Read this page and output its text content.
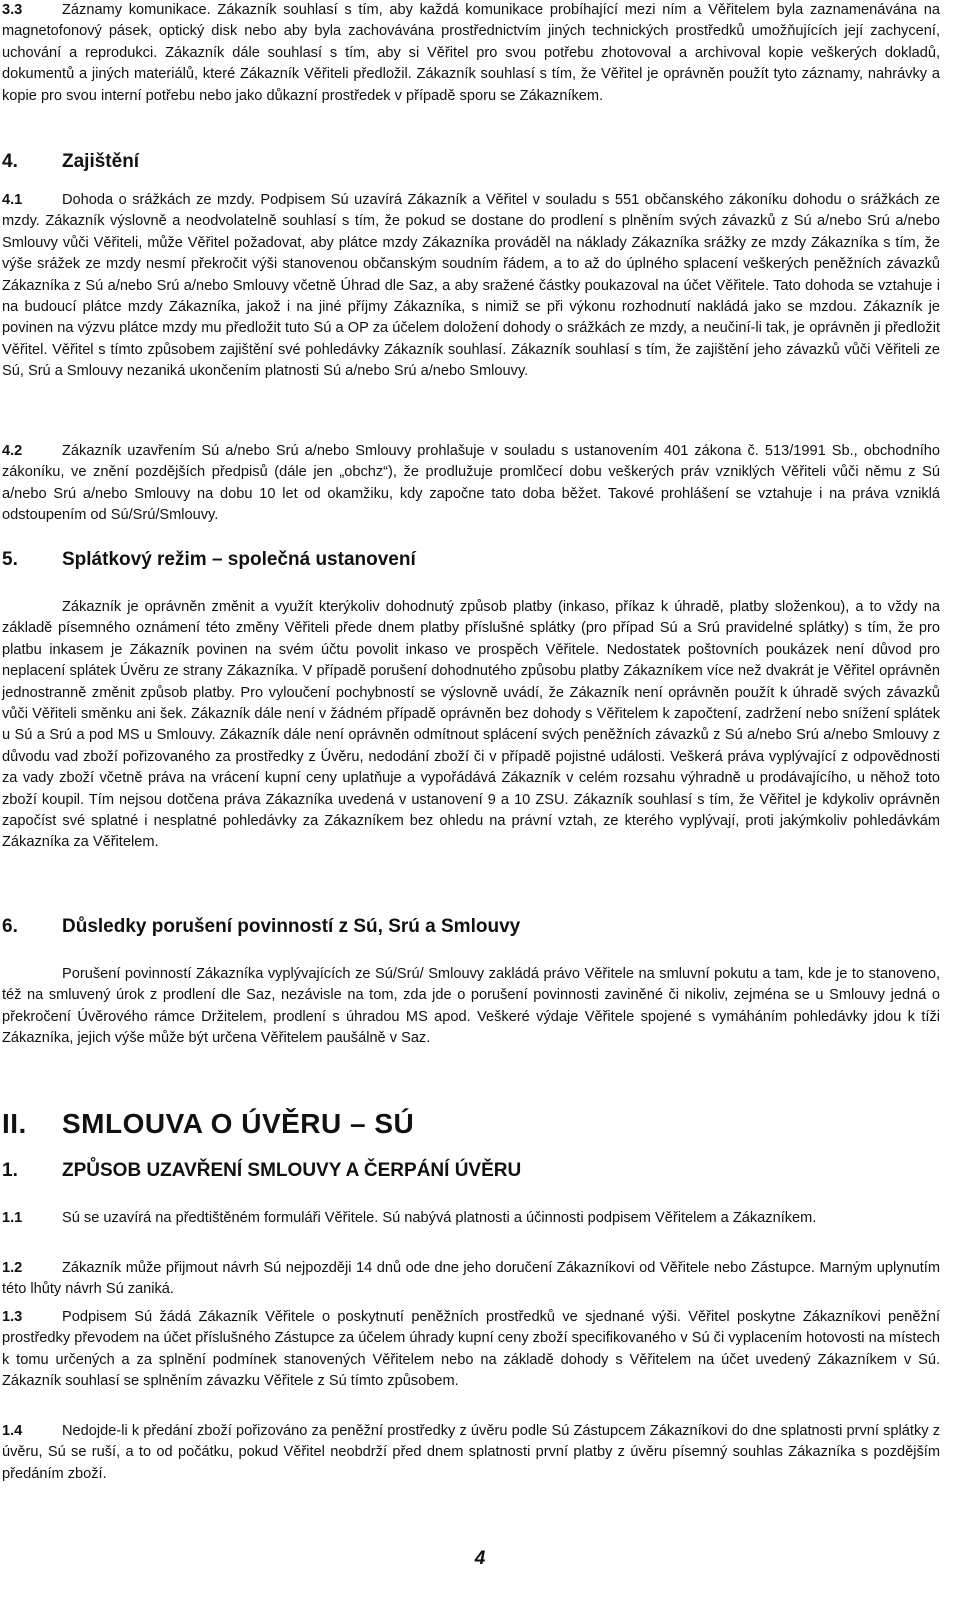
3.3	Záznamy komunikace. Zákazník souhlasí s tím, aby každá komunikace probíhající mezi ním a Věřitelem byla zaznamenávána na magnetofonový pásek, optický disk nebo aby byla zachovávána prostřednictvím jiných technických prostředků umožňujících její zachycení, uchování a reprodukci. Zákazník dále souhlasí s tím, aby si Věřitel pro svou potřebu zhotovoval a archivoval kopie veškerých dokladů, dokumentů a jiných materiálů, které Zákazník Věřiteli předložil. Zákazník souhlasí s tím, že Věřitel je oprávněn použít tyto záznamy, nahrávky a kopie pro svou interní potřebu nebo jako důkazní prostředek v případě sporu se Zákazníkem.

4. Zajištění

4.1	Dohoda o srážkách ze mzdy. Podpisem Sú uzavírá Zákazník a Věřitel v souladu s 551 občanského zákoníku dohodu o srážkách ze mzdy. Zákazník výslovně a neodvolatelně souhlasí s tím, že pokud se dostane do prodlení s plněním svých závazků z Sú a/nebo Srú a/nebo Smlouvy vůči Věřiteli, může Věřitel požadovat, aby plátce mzdy Zákazníka prováděl na náklady Zákazníka srážky ze mzdy Zákazníka s tím, že výše srážek ze mzdy nesmí překročit výši stanovenou občanským soudním řádem, a to až do úplného splacení veškerých peněžních závazků Zákazníka z Sú a/nebo Srú a/nebo Smlouvy včetně Úhrad dle Saz, a aby sražené částky poukazoval na účet Věřitele. Tato dohoda se vztahuje i na budoucí plátce mzdy Zákazníka, jakož i na jiné příjmy Zákazníka, s nimiž se při výkonu rozhodnutí nakládá jako se mzdou. Zákazník je povinen na výzvu plátce mzdy mu předložit tuto Sú a OP za účelem doložení dohody o srážkách ze mzdy, a neučiní-li tak, je oprávněn ji předložit Věřitel. Věřitel s tímto způsobem zajištění své pohledávky Zákazník souhlasí. Zákazník souhlasí s tím, že zajištění jeho závazků vůči Věřiteli ze Sú, Srú a Smlouvy nezaniká ukončením platnosti Sú a/nebo Srú a/nebo Smlouvy.

4.2	Zákazník uzavřením Sú a/nebo Srú a/nebo Smlouvy prohlašuje v souladu s ustanovením 401 zákona č. 513/1991 Sb., obchodního zákoníku, ve znění pozdějších předpisů (dále jen „obchz“), že prodlužuje promlčecí dobu veškerých práv vzniklých Věřiteli vůči němu z Sú a/nebo Srú a/nebo Smlouvy na dobu 10 let od okamžiku, kdy započne tato doba běžet. Takové prohlášení se vztahuje i na práva vzniklá odstoupením od Sú/Srú/Smlouvy.

5. Splátkový režim – společná ustanovení

Zákazník je oprávněn změnit a využít kterýkoliv dohodnutý způsob platby (inkaso, příkaz k úhradě, platby složenkou), a to vždy na základě písemného oznámení této změny Věřiteli přede dnem platby příslušné splátky (pro případ Sú a Srú pravidelné splátky) s tím, že pro platbu inkasem je Zákazník povinen na svém účtu povolit inkaso ve prospěch Věřitele. Nedostatek poštovních poukázek není důvod pro neplacení splátek Úvěru ze strany Zákazníka. V případě porušení dohodnutého způsobu platby Zákazníkem více než dvakrát je Věřitel oprávněn jednostranně změnit způsob platby. Pro vyloučení pochybností se výslovně uvádí, že Zákazník není oprávněn použít k úhradě svých závazků vůči Věřiteli směnku ani šek. Zákazník dále není v žádném případě oprávněn bez dohody s Věřitelem k započtení, zadržení nebo snížení splátek u Sú a Srú a pod MS u Smlouvy. Zákazník dále není oprávněn odmítnout splácení svých peněžních závazků z Sú a/nebo Srú a/nebo Smlouvy z důvodu vad zboží pořizovaného za prostředky z Úvěru, nedodání zboží či v případě pojistné události. Veškerá práva vyplývající z odpovědnosti za vady zboží včetně práva na vrácení kupní ceny uplatňuje a vypořádává Zákazník v celém rozsahu výhradně u prodávajícího, u něhož toto zboží koupil. Tím nejsou dotčena práva Zákazníka uvedená v ustanovení 9 a 10 ZSU. Zákazník souhlasí s tím, že Věřitel je kdykoliv oprávněn započíst své splatné i nesplatné pohledávky za Zákazníkem bez ohledu na právní vztah, ze kterého vyplývají, proti jakýmkoliv pohledávkám Zákazníka za Věřitelem.

6. Důsledky porušení povinností z Sú, Srú a Smlouvy

Porušení povinností Zákazníka vyplývajících ze Sú/Srú/ Smlouvy zakládá právo Věřitele na smluvní pokutu a tam, kde je to stanoveno, též na smluvený úrok z prodlení dle Saz, nezávisle na tom, zda jde o porušení povinnosti zaviněné či nikoliv, zejména se u Smlouvy jedná o překročení Úvěrového rámce Držitelem, prodlení s úhradou MS apod. Veškeré výdaje Věřitele spojené s vymáháním pohledávky jdou k tíži Zákazníka, jejich výše může být určena Věřitelem paušálně v Saz.

II. SMLOUVA O ÚVĚRU – SÚ
1. ZPŮSOB UZAVŘENÍ SMLOUVY A ČERPÁNÍ ÚVĚRU

1.1	Sú se uzavírá na předtištěném formuláři Věřitele. Sú nabývá platnosti a účinnosti podpisem Věřitelem a Zákazníkem.

1.2	Zákazník může přijmout návrh Sú nejpozději 14 dnů ode dne jeho doručení Zákazníkovi od Věřitele nebo Zástupce. Marným uplynutím této lhůty návrh Sú zaniká.

1.3	Podpisem Sú žádá Zákazník Věřitele o poskytnutí peněžních prostředků ve sjednané výši. Věřitel poskytne Zákazníkovi peněžní prostředky převodem na účet příslušného Zástupce za účelem úhrady kupní ceny zboží specifikovaného v Sú či vyplacením hotovosti na místech k tomu určených a za splnění podmínek stanovených Věřitelem nebo na základě dohody s Věřitelem na účet uvedený Zákazníkem v Sú. Zákazník souhlasí se splněním závazku Věřitele z Sú tímto způsobem.

1.4	Nedojde-li k předání zboží pořizováno za peněžní prostředky z úvěru podle Sú Zástupcem Zákazníkovi do dne splatnosti první splátky z úvěru, Sú se ruší, a to od počátku, pokud Věřitel neobdrží před dnem splatnosti první platby z úvěru písemný souhlas Zákazníka s pozdějším předáním zboží.

4
